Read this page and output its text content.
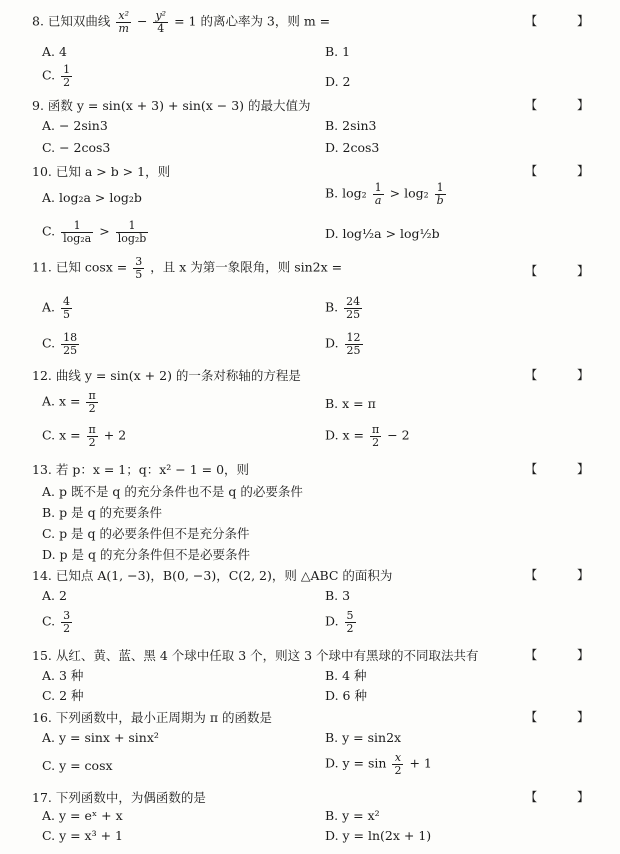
8. 已知双曲线 $\frac{\text{x²}}{m} - \frac{\text{y²}}{4} = 1$ 的离心率为 3，则 m =	【 】
A. 4	B. 1
C. $\frac{1}{2}$	D. 2
9. 函数 y = sin(x + 3) + sin(x − 3) 的最大值为	【 】
A. − 2sin3	B. 2sin3
C. − 2cos3	D. 2cos3
10. 已知 a > b > 1，则	【 】
A. log₂a > log₂b	B. $\log_2 \frac{1}{a} > \log_2 \frac{1}{b}$
C. $\frac{1}{\text{log₂a}} > \frac{1}{\text{log₂b}}$	D. log½a > log½b
11. 已知 $\cos x = \frac{3}{5}$ ，且 x 为第一象限角，则 sin2x =	【 】
A. $\frac{4}{5}$	B. $\frac{24}{25}$
C. $\frac{18}{25}$	D. $\frac{12}{25}$
12. 曲线 y = sin(x + 2) 的一条对称轴的方程是	【 】
A. $x = \frac{\pi}{2}$	B. x = π
C. $x = \frac{\pi}{2} + 2$	D. $x = \frac{\pi}{2} - 2$
13. 若 p：x = 1；q：x² − 1 = 0，则	【 】
A. p 既不是 q 的充分条件也不是 q 的必要条件
B. p 是 q 的充要条件
C. p 是 q 的必要条件但不是充分条件
D. p 是 q 的充分条件但不是必要条件
14. 已知点 A(1, −3)，B(0, −3)，C(2, 2)，则 △ABC 的面积为	【 】
A. 2	B. 3
C. $\frac{3}{2}$	D. $\frac{5}{2}$
15. 从红、黄、蓝、黑 4 个球中任取 3 个，则这 3 个球中有黑球的不同取法共有	【 】
A. 3 种	B. 4 种
C. 2 种	D. 6 种
16. 下列函数中，最小正周期为 π 的函数是	【 】
A. y = sinx + sinx²	B. y = sin2x
C. y = cosx	D. $y = \sin \frac{x}{2} + 1$
17. 下列函数中，为偶函数的是	【 】
A. y = eˣ + x	B. y = x²
C. y = x³ + 1	D. y = ln(2x + 1)
